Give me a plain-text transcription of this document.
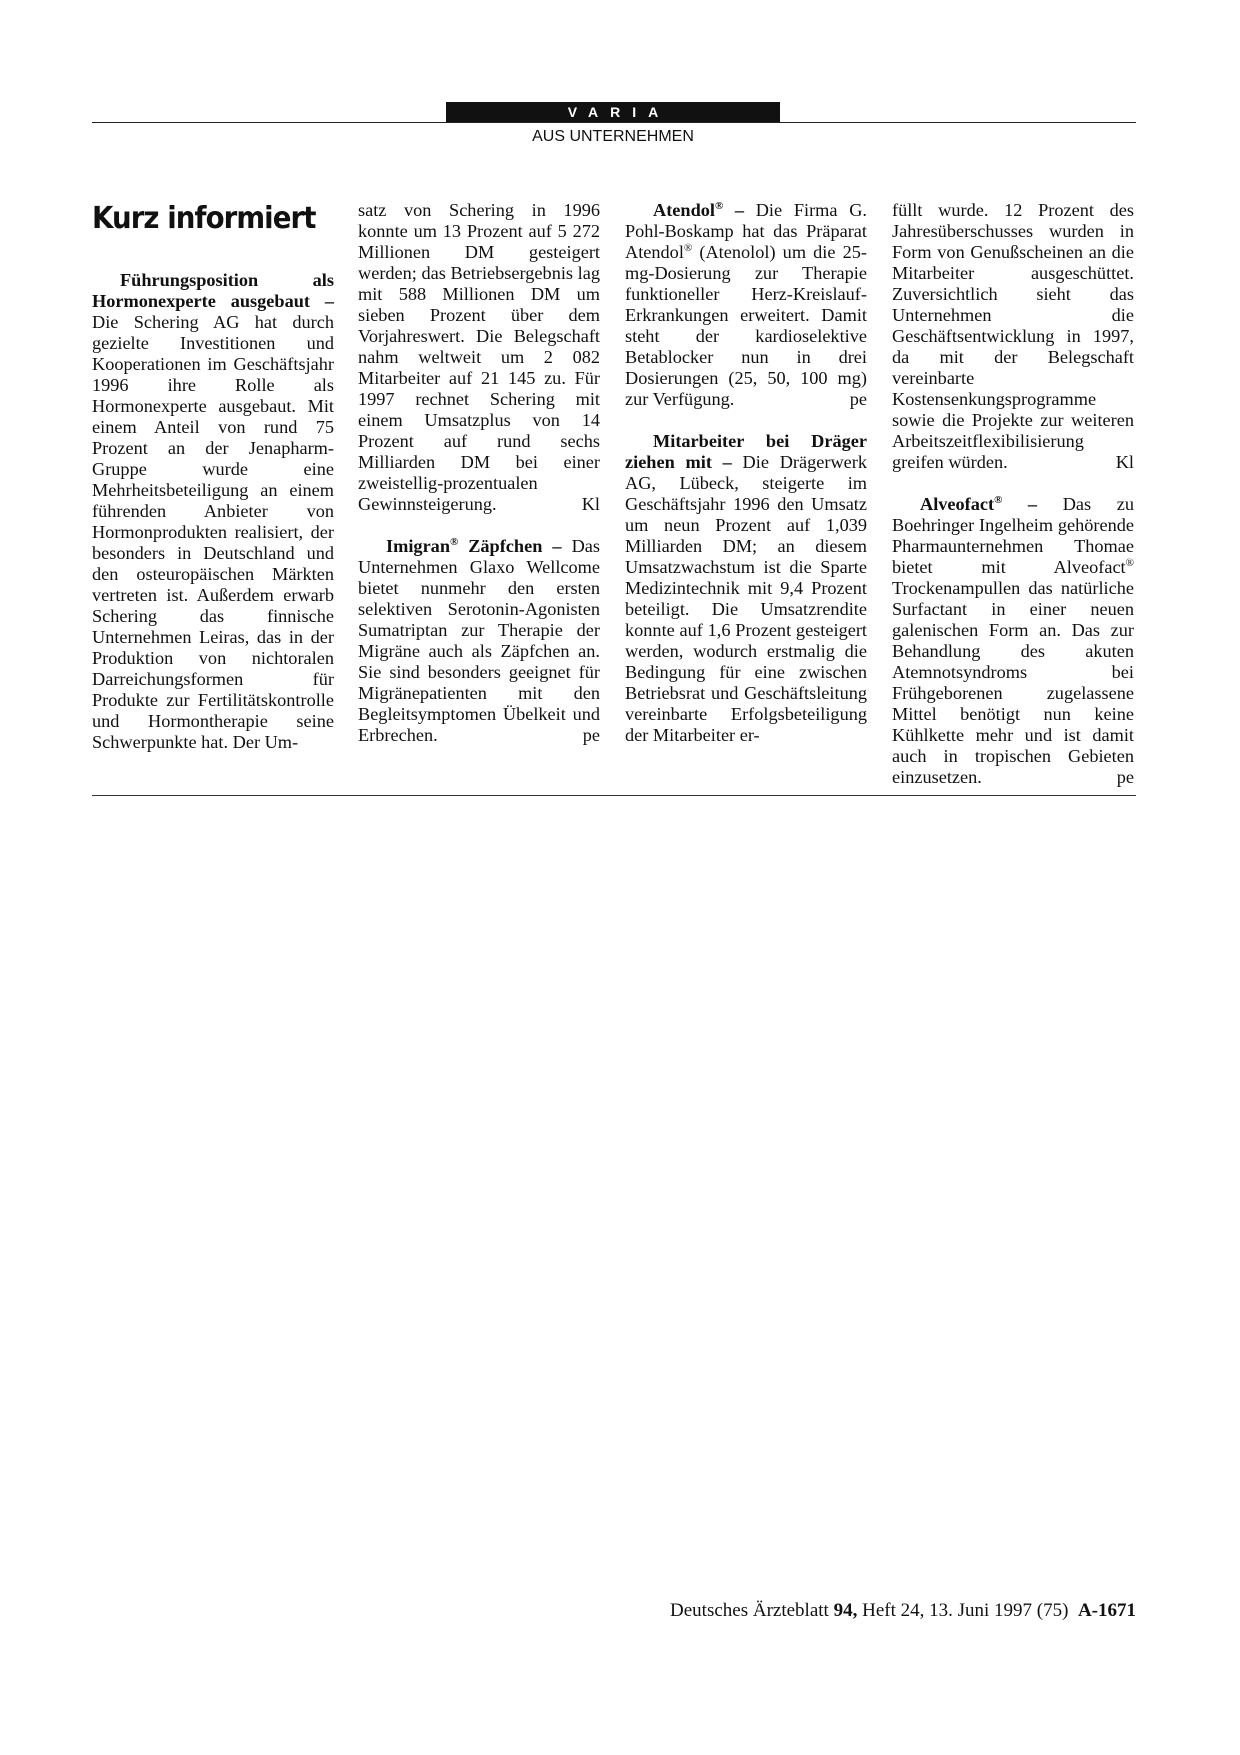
VARIA
AUS UNTERNEHMEN
Kurz informiert

Führungsposition als Hormonexperte ausgebaut – Die Schering AG hat durch gezielte Investitionen und Kooperationen im Geschäftsjahr 1996 ihre Rolle als Hormonexperte ausgebaut. Mit einem Anteil von rund 75 Prozent an der Jenapharm-Gruppe wurde eine Mehrheitsbeteiligung an einem führenden Anbieter von Hormonprodukten realisiert, der besonders in Deutschland und den osteuropäischen Märkten vertreten ist. Außerdem erwarb Schering das finnische Unternehmen Leiras, das in der Produktion von nichtoralen Darreichungsformen für Produkte zur Fertilitätskontrolle und Hormontherapie seine Schwerpunkte hat. Der Um-

satz von Schering in 1996 konnte um 13 Prozent auf 5 272 Millionen DM gesteigert werden; das Betriebsergebnis lag mit 588 Millionen DM um sieben Prozent über dem Vorjahreswert. Die Belegschaft nahm weltweit um 2 082 Mitarbeiter auf 21 145 zu. Für 1997 rechnet Schering mit einem Umsatzplus von 14 Prozent auf rund sechs Milliarden DM bei einer zweistellig-prozentualen Gewinnsteigerung.	Kl

Imigran® Zäpfchen – Das Unternehmen Glaxo Wellcome bietet nunmehr den ersten selektiven Serotonin-Agonisten Sumatriptan zur Therapie der Migräne auch als Zäpfchen an. Sie sind besonders geeignet für Migränepatienten mit den Begleitsymptomen Übelkeit und Erbrechen.	pe

Atendol® – Die Firma G. Pohl-Boskamp hat das Präparat Atendol® (Atenolol) um die 25-mg-Dosierung zur Therapie funktioneller Herz-Kreislauf-Erkrankungen erweitert. Damit steht der kardioselektive Betablocker nun in drei Dosierungen (25, 50, 100 mg) zur Verfügung.	pe

Mitarbeiter bei Dräger ziehen mit – Die Drägerwerk AG, Lübeck, steigerte im Geschäftsjahr 1996 den Umsatz um neun Prozent auf 1,039 Milliarden DM; an diesem Umsatzwachstum ist die Sparte Medizintechnik mit 9,4 Prozent beteiligt. Die Umsatzrendite konnte auf 1,6 Prozent gesteigert werden, wodurch erstmalig die Bedingung für eine zwischen Betriebsrat und Geschäftsleitung vereinbarte Erfolgsbeteiligung der Mitarbeiter er-

füllt wurde. 12 Prozent des Jahresüberschusses wurden in Form von Genußscheinen an die Mitarbeiter ausgeschüttet. Zuversichtlich sieht das Unternehmen die Geschäftsentwicklung in 1997, da mit der Belegschaft vereinbarte Kostensenkungsprogramme sowie die Projekte zur weiteren Arbeitszeitflexibilisierung greifen würden.	Kl

Alveofact® – Das zu Boehringer Ingelheim gehörende Pharmaunternehmen Thomae bietet mit Alveofact® Trockenampullen das natürliche Surfactant in einer neuen galenischen Form an. Das zur Behandlung des akuten Atemnotsyndroms bei Frühgeborenen zugelassene Mittel benötigt nun keine Kühlkette mehr und ist damit auch in tropischen Gebieten einzusetzen.	pe

Deutsches Ärzteblatt 94, Heft 24, 13. Juni 1997 (75) A-1671
